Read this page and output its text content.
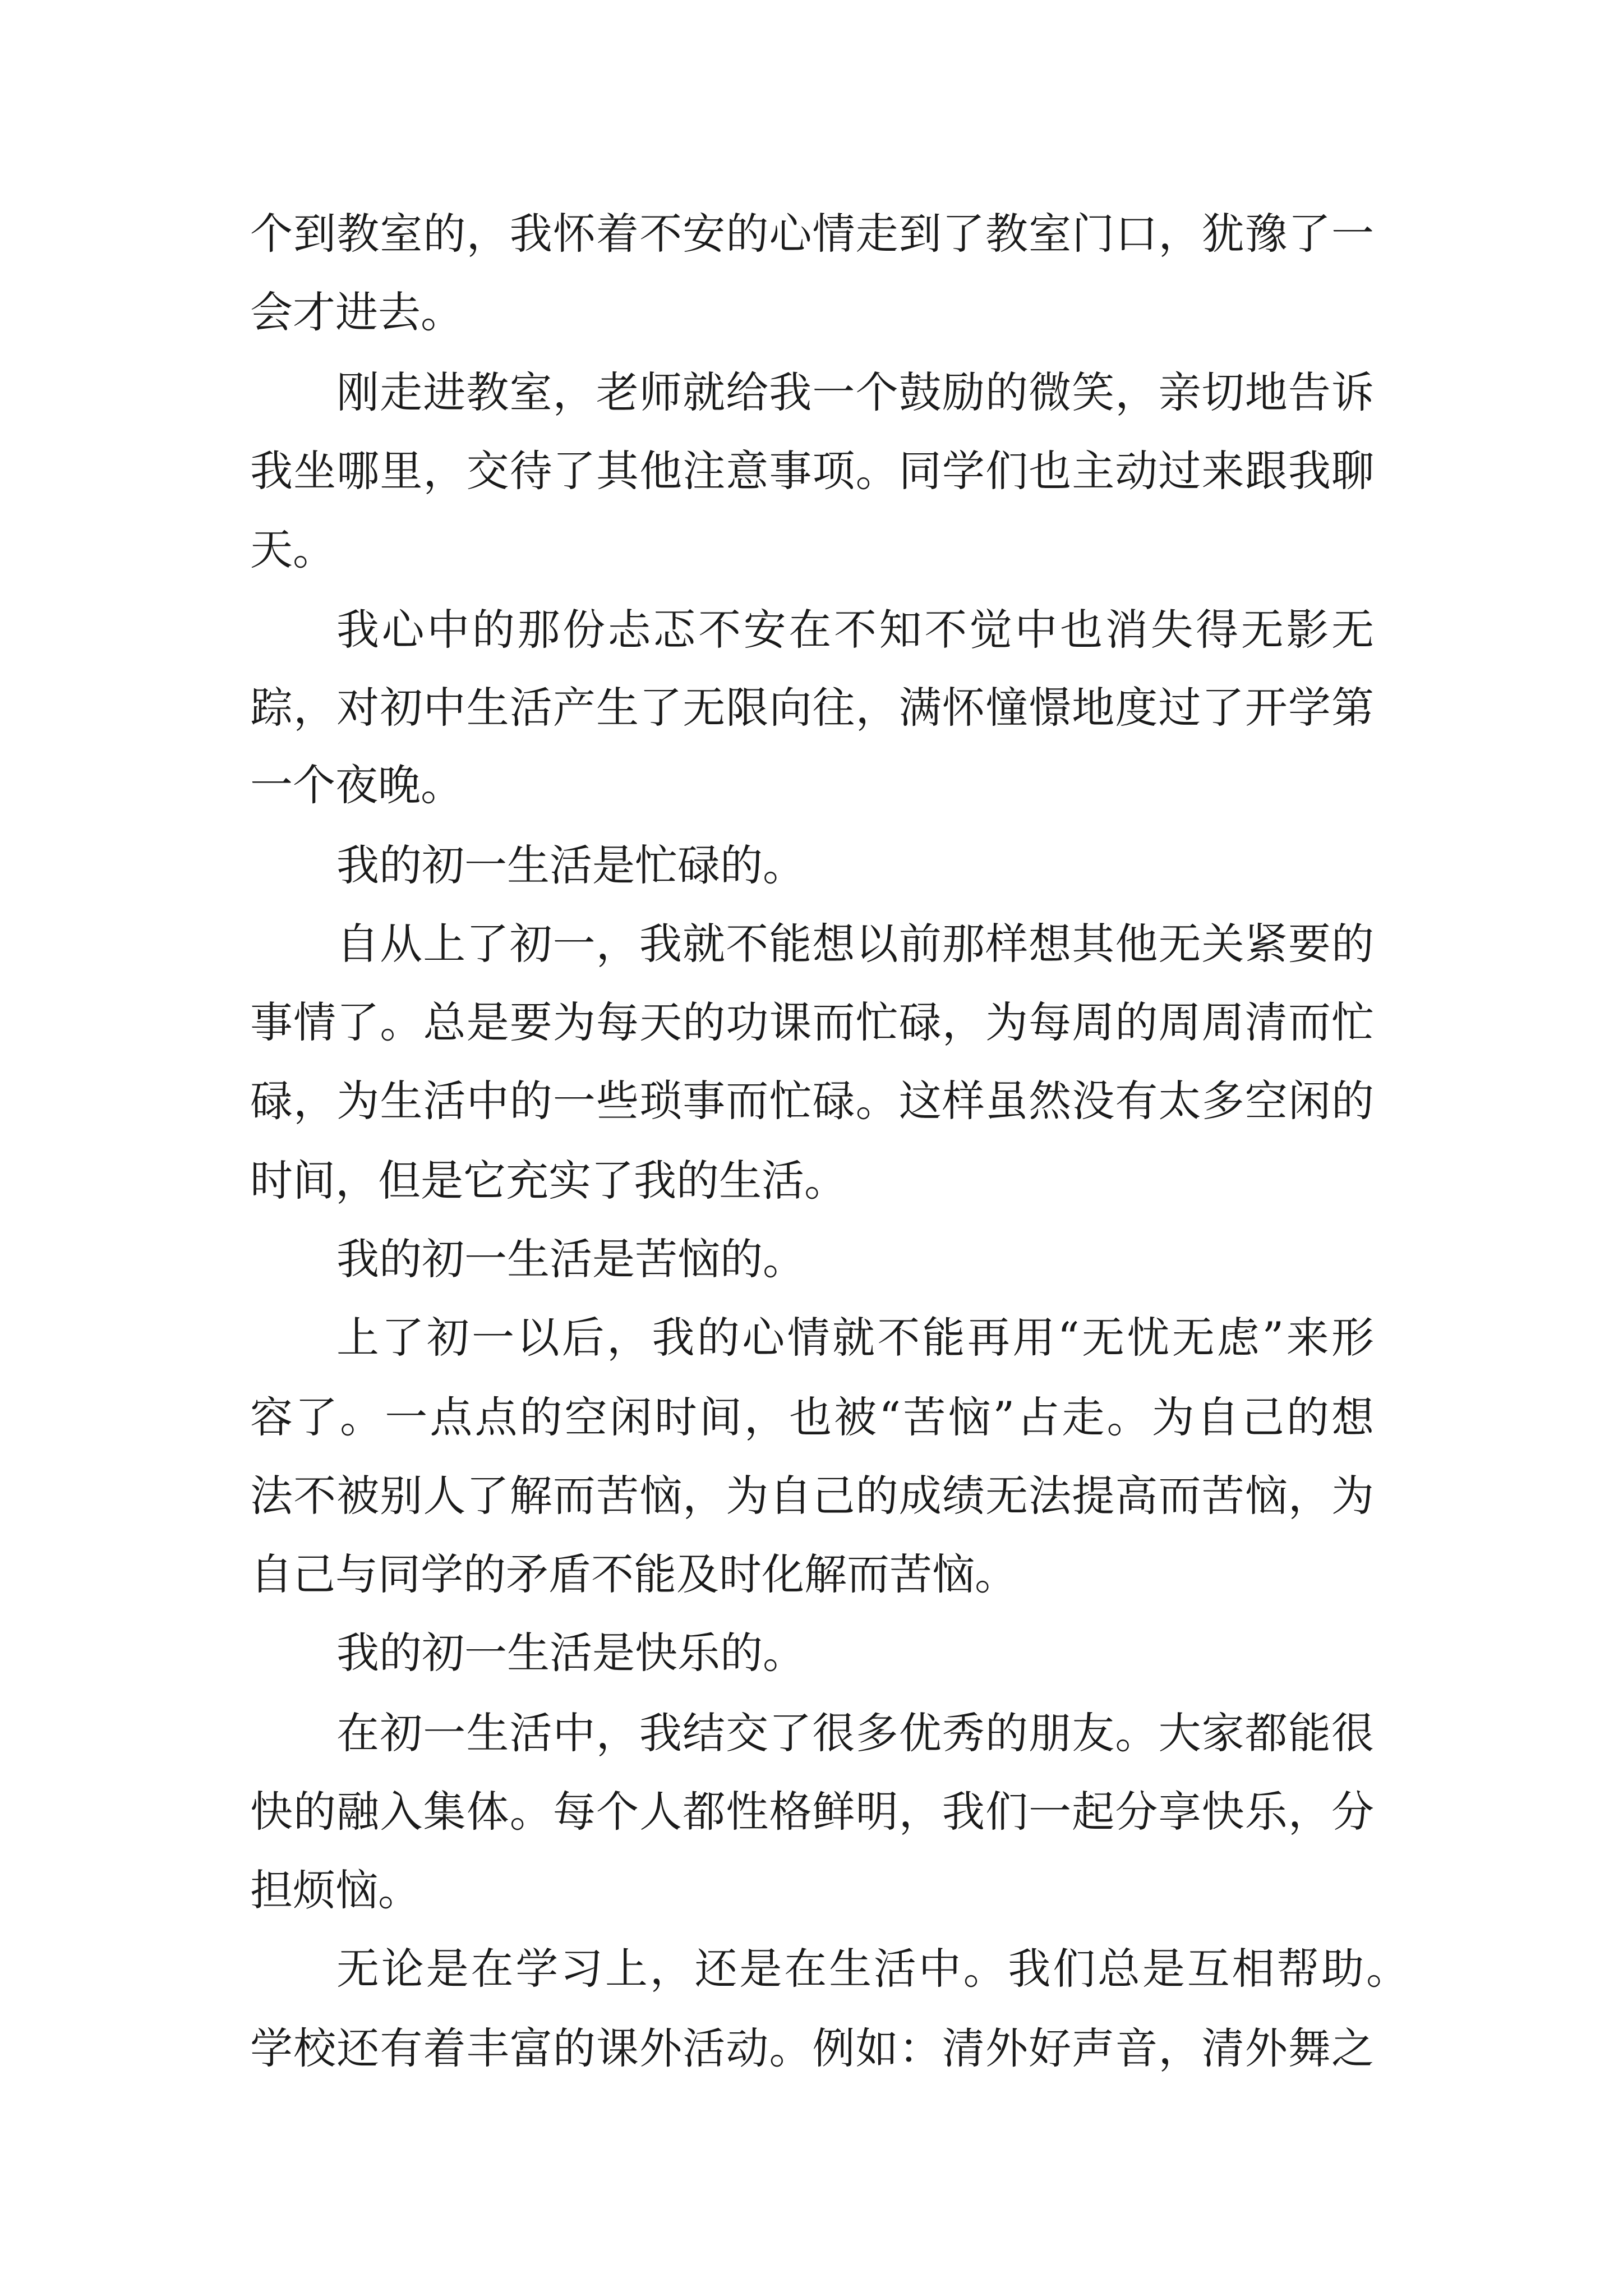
个到教室的，我怀着不安的心情走到了教室门口，犹豫了一
会才进去。
刚走进教室，老师就给我一个鼓励的微笑，亲切地告诉
我坐哪里，交待了其他注意事项。同学们也主动过来跟我聊
天。
我心中的那份忐忑不安在不知不觉中也消失得无影无
踪，对初中生活产生了无限向往，满怀憧憬地度过了开学第
一个夜晚。
我的初一生活是忙碌的。
自从上了初一，我就不能想以前那样想其他无关紧要的
事情了。总是要为每天的功课而忙碌，为每周的周周清而忙
碌，为生活中的一些琐事而忙碌。这样虽然没有太多空闲的
时间，但是它充实了我的生活。
我的初一生活是苦恼的。
上了初一以后，我的心情就不能再用“无忧无虑”来形
容了。一点点的空闲时间，也被“苦恼”占走。为自己的想
法不被别人了解而苦恼，为自己的成绩无法提高而苦恼，为
自己与同学的矛盾不能及时化解而苦恼。
我的初一生活是快乐的。
在初一生活中，我结交了很多优秀的朋友。大家都能很
快的融入集体。每个人都性格鲜明，我们一起分享快乐，分
担烦恼。
无论是在学习上，还是在生活中。我们总是互相帮助。
学校还有着丰富的课外活动。例如：清外好声音，清外舞之
